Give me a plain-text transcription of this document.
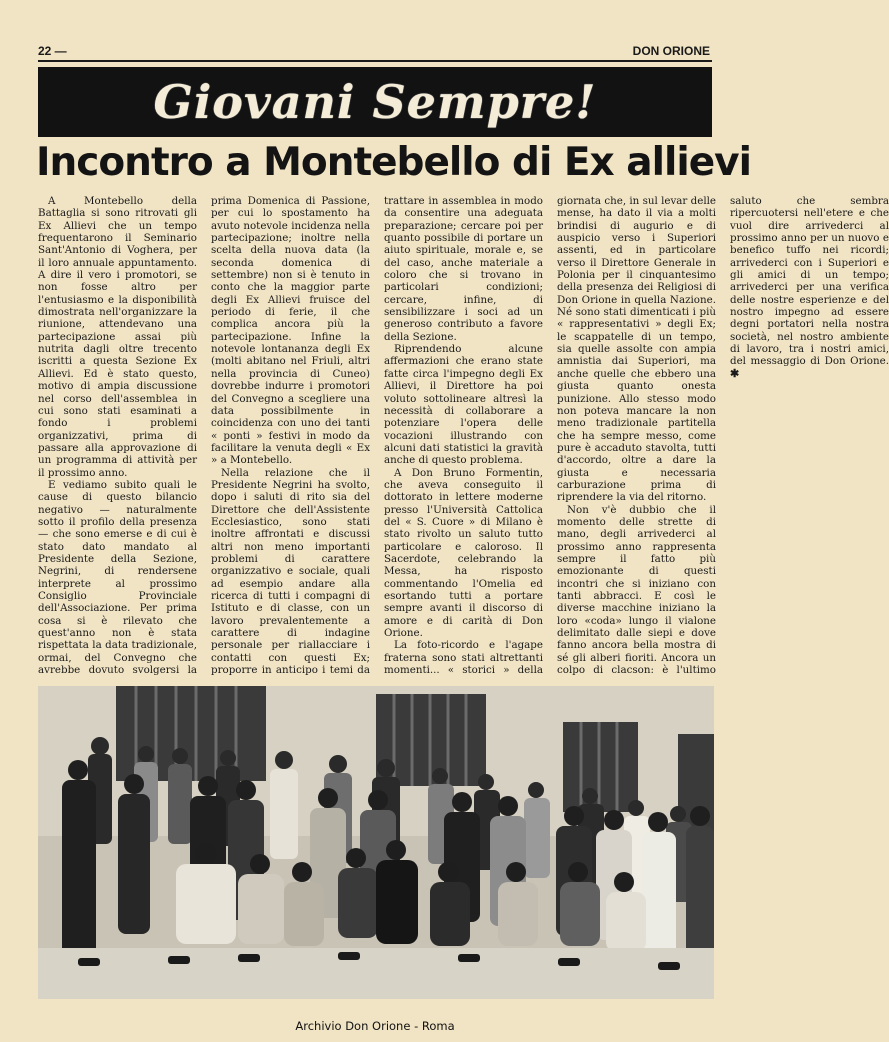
22 —	DON ORIONE
Giovani Sempre!
Incontro a Montebello di Ex allievi

A Montebello della Battaglia si sono ritrovati gli Ex Allievi che un tempo frequentarono il Seminario Sant'Antonio di Voghera, per il loro annuale appuntamento. A dire il vero i promotori, se non fosse altro per l'entusiasmo e la disponibilità dimostrata nell'organizzare la riunione, attendevano una partecipazione assai più nutrita dagli oltre trecento iscritti a questa Sezione Ex Allievi. Ed è stato questo, motivo di ampia discussione nel corso dell'assemblea in cui sono stati esaminati a fondo i problemi organizzativi, prima di passare alla approvazione di un programma di attività per il prossimo anno.

E vediamo subito quali le cause di questo bilancio negativo — naturalmente sotto il profilo della presenza — che sono emerse e di cui è stato dato mandato al Presidente della Sezione, Negrini, di rendersene interprete al prossimo Consiglio Provinciale dell'Associazione. Per prima cosa si è rilevato che quest'anno non è stata rispettata la data tradizionale, ormai, del Convegno che avrebbe dovuto svolgersi la prima Domenica di Passione, per cui lo spostamento ha avuto notevole incidenza nella partecipazione; inoltre nella scelta della nuova data (la seconda domenica di settembre) non si è tenuto in conto che la maggior parte degli Ex Allievi fruisce del periodo di ferie, il che complica ancora più la partecipazione. Infine la notevole lontananza degli Ex (molti abitano nel Friuli, altri nella provincia di Cuneo) dovrebbe indurre i promotori del Convegno a scegliere una data possibilmente in coincidenza con uno dei tanti « ponti » festivi in modo da facilitare la venuta degli « Ex » a Montebello.

Nella relazione che il Presidente Negrini ha svolto, dopo i saluti di rito sia del Direttore che dell'Assistente Ecclesiastico, sono stati inoltre affrontati e discussi altri non meno importanti problemi di carattere organizzativo e sociale, quali ad esempio andare alla ricerca di tutti i compagni di Istituto e di classe, con un lavoro prevalentemente a carattere di indagine personale per riallacciare i contatti con questi Ex; proporre in anticipo i temi da trattare in assemblea in modo da consentire una adeguata preparazione; cercare poi per quanto possibile di portare un aiuto spirituale, morale e, se del caso, anche materiale a coloro che si trovano in particolari condizioni; cercare, infine, di sensibilizzare i soci ad un generoso contributo a favore della Sezione.

Riprendendo alcune affermazioni che erano state fatte circa l'impegno degli Ex Allievi, il Direttore ha poi voluto sottolineare altresì la necessità di collaborare a potenziare l'opera delle vocazioni illustrando con alcuni dati statistici la gravità anche di questo problema.

A Don Bruno Formentin, che aveva conseguito il dottorato in lettere moderne presso l'Università Cattolica del « S. Cuore » di Milano è stato rivolto un saluto tutto particolare e caloroso. Il Sacerdote, celebrando la Messa, ha risposto commentando l'Omelia ed esortando tutti a portare sempre avanti il discorso di amore e di carità di Don Orione.

La foto-ricordo e l'agape fraterna sono stati altrettanti momenti... « storici » della giornata che, in sul levar delle mense, ha dato il via a molti brindisi di augurio e di auspicio verso i Superiori assenti, ed in particolare verso il Direttore Generale in Polonia per il cinquantesimo della presenza dei Religiosi di Don Orione in quella Nazione. Né sono stati dimenticati i più « rappresentativi » degli Ex; le scappatelle di un tempo, sia quelle assolte con ampia amnistia dai Superiori, ma anche quelle che ebbero una giusta quanto onesta punizione. Allo stesso modo non poteva mancare la non meno tradizionale partitella che ha sempre messo, come pure è accaduto stavolta, tutti d'accordo, oltre a dare la giusta e necessaria carburazione prima di riprendere la via del ritorno.

Non v'è dubbio che il momento delle strette di mano, degli arrivederci al prossimo anno rappresenta sempre il fatto più emozionante di questi incontri che si iniziano con tanti abbracci. E così le diverse macchine iniziano la loro «coda» lungo il vialone delimitato dalle siepi e dove fanno ancora bella mostra di sé gli alberi fioriti. Ancora un colpo di clacson: è l'ultimo saluto che sembra ripercuotersi nell'etere e che vuol dire arrivederci al prossimo anno per un nuovo e benefico tuffo nei ricordi; arrivederci con i Superiori e gli amici di un tempo; arrivederci per una verifica delle nostre esperienze e del nostro impegno ad essere degni portatori nella nostra società, nel nostro ambiente di lavoro, tra i nostri amici, del messaggio di Don Orione. ✱

Archivio Don Orione - Roma
